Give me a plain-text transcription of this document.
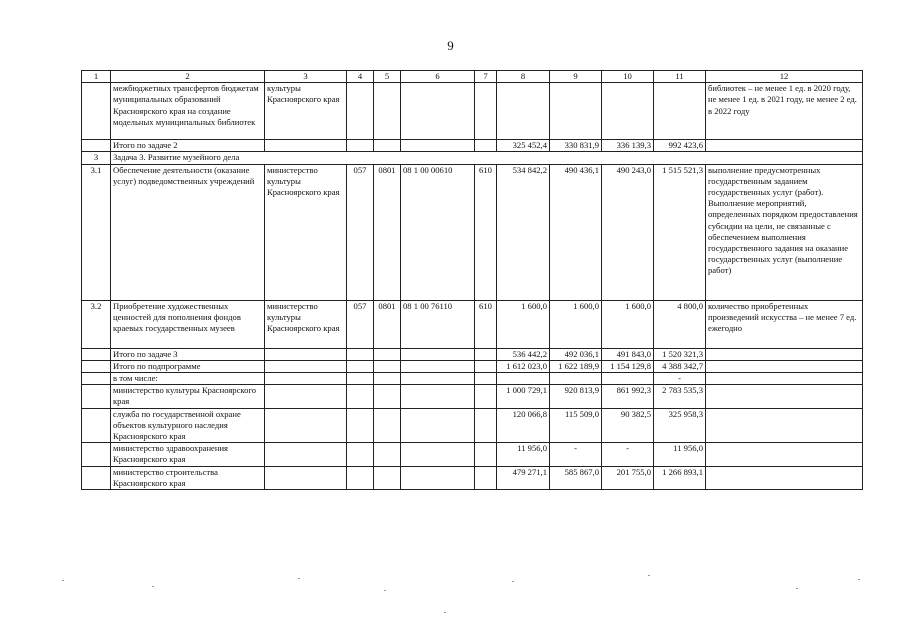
9
1	2	3	4	5	6	7	8	9	10	11	12
	межбюджетных трансфертов бюджетам муниципальных образований Красноярского края на создание модельных муниципальных библиотек	культуры Красноярского края									библиотек – не менее 1 ед. в 2020 году, не менее 1 ед. в 2021 году, не менее 2 ед. в 2022 году
	Итого по задаче 2						325 452,4	330 831,9	336 139,3	992 423,6	
3	Задача 3. Развитие музейного дела										
3.1	Обеспечение деятельности (оказание услуг) подведомственных учреждений	министерство культуры Красноярского края	057	0801	08 1 00 00610	610	534 842,2	490 436,1	490 243,0	1 515 521,3	выполнение предусмотренных государственным заданием государственных услуг (работ). Выполнение мероприятий, определенных порядком предоставления субсидии на цели, не связанные с обеспечением выполнения государственного задания на оказание государственных услуг (выполнение работ)
3.2	Приобретение художественных ценностей для пополнения фондов краевых государственных музеев	министерство культуры Красноярского края	057	0801	08 1 00 76110	610	1 600,0	1 600,0	1 600,0	4 800,0	количество приобретенных произведений искусства – не менее 7 ед. ежегодно
	Итого по задаче 3						536 442,2	492 036,1	491 843,0	1 520 321,3	
	Итого по подпрограмме						1 612 023,0	1 622 189,9	1 154 129,8	4 388 342,7	
	в том числе:									-	
	министерство культуры Красноярского края						1 000 729,1	920 813,9	861 992,3	2 783 535,3	
	служба по государственной охране объектов культурного наследия Красноярского края						120 066,8	115 509,0	90 382,5	325 958,3	
	министерство здравоохранения Красноярского края						11 956,0	-	-	11 956,0	
	министерство строительства Красноярского края						479 271,1	585 867,0	201 755,0	1 266 893,1	
